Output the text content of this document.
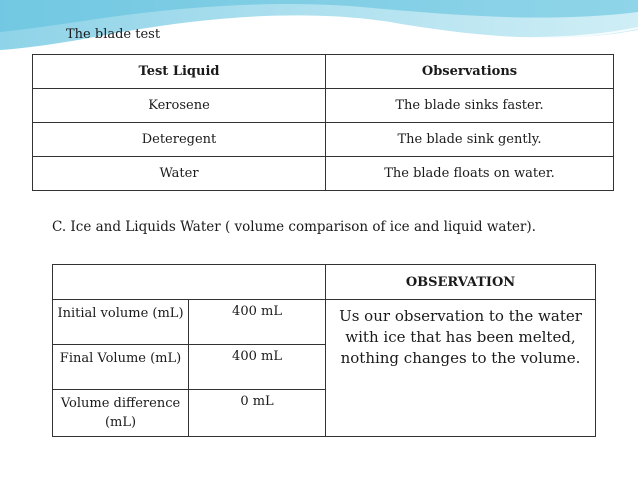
The blade test
Test Liquid	Observations
Kerosene	The blade sinks faster.
Deteregent	The blade sink gently.
Water	The blade floats on water.
C. Ice and Liquids Water ( volume comparison of ice and liquid water).
		OBSERVATION
Initial volume (mL)	400 mL	Us our observation to the water with ice that has been melted, nothing changes to the volume.
Final Volume (mL)	400 mL	
Volume difference (mL)	0 mL	
